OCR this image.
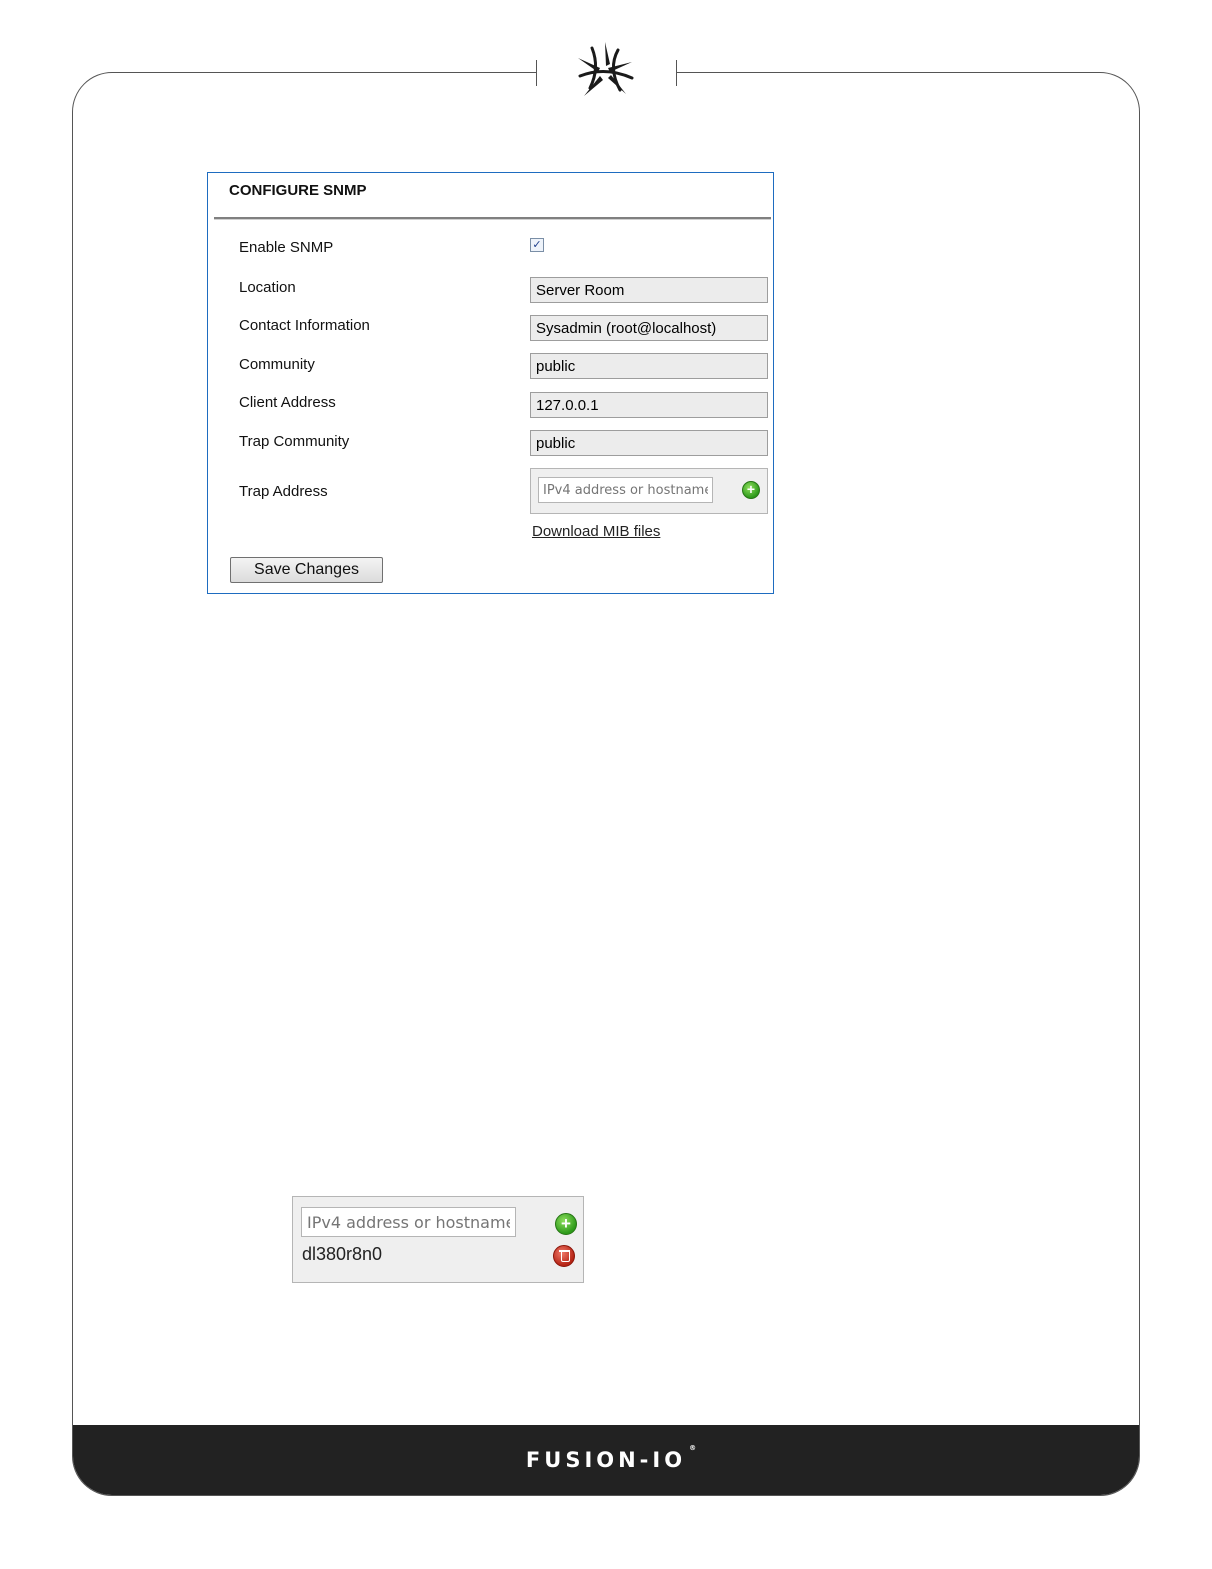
FUSION-IO ®
CONFIGURE SNMP
Enable SNMP	✓
Location
Server Room
Contact Information
Sysadmin (root@localhost)
Community
public
Client Address
127.0.0.1
Trap Community
public
Trap Address
IPv4 address or hostname	+
Download MIB files
Save Changes
IPv4 address or hostname
+
dl380r8n0
